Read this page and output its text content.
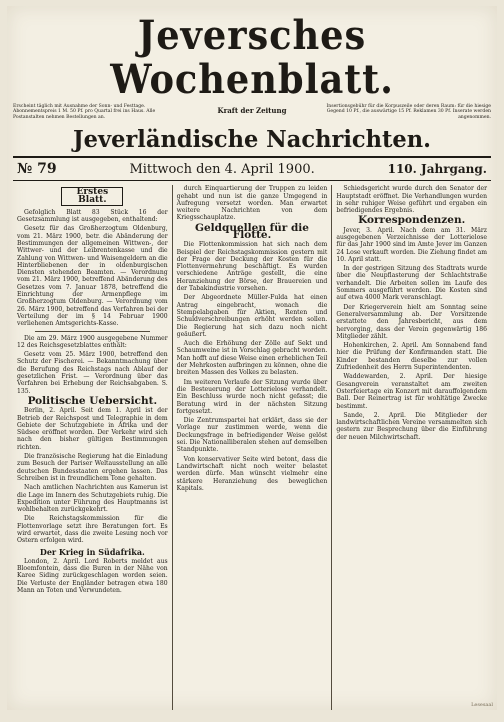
Jeversches Wochenblatt.
Erscheint täglich mit Ausnahme der Sonn- und Festtage. Abonnementspreis 1 M. 50 Pf. pro Quartal frei ins Haus. Alle Postanstalten nehmen Bestellungen an.
Kraft der Zeitung	Insertionsgebühr für die Korpuszeile oder deren Raum: für die hiesige Gegend 10 Pf., die auswärtige 15 Pf. Reklamen 30 Pf. Inserate werden angenommen.
Jeverländische Nachrichten.
№ 79	Mittwoch den 4. April 1900.	110. Jahrgang.
Erstes Blatt.

Gefolglich Blatt 83 Stück 16 der Gesetzsammlung ist ausgegeben, enthaltend:

Gesetz für das Großherzogtum Oldenburg, vom 21. März 1900, betr. die Abänderung der Bestimmungen der allgemeinen Wittwen-, der Wittwer- und der Leibrentenkasse und die Zahlung von Wittwen- und Waisengeldern an die Hinterbliebenen der in oldenburgischen Diensten stehenden Beamten. — Verordnung vom 21. März 1900, betreffend Abänderung des Gesetzes vom 7. Januar 1878, betreffend die Einrichtung der Armenpflege im Großherzogtum Oldenburg. — Verordnung vom 26. März 1900, betreffend das Verfahren bei der Verteilung der im § 14 Februar 1900 verliehenen Amtsgerichts-Kasse.

Die am 29. März 1900 ausgegebene Nummer 12 des Reichsgesetzblattes enthält:

Gesetz vom 25. März 1900, betreffend den Schutz der Fischerei. — Bekanntmachung über die Berufung des Reichstags nach Ablauf der gesetzlichen Frist. — Verordnung über das Verfahren bei Erhebung der Reichsabgaben. S. 135.

Politische Uebersicht.

Berlin, 2. April. Seit dem 1. April ist der Betrieb der Reichspost und Telegraphie in dem Gebiete der Schutzgebiete in Afrika und der Südsee eröffnet worden. Der Verkehr wird sich nach den bisher gültigen Bestimmungen richten.

Die französische Regierung hat die Einladung zum Besuch der Pariser Weltausstellung an alle deutschen Bundesstaaten ergehen lassen. Das Schreiben ist in freundlichem Tone gehalten.

Nach amtlichen Nachrichten aus Kamerun ist die Lage im Innern des Schutzgebiets ruhig. Die Expedition unter Führung des Hauptmanns ist wohlbehalten zurückgekehrt.

Die Reichstagskommission für die Flottenvorlage setzt ihre Beratungen fort. Es wird erwartet, dass die zweite Lesung noch vor Ostern erfolgen wird.

Der Krieg in Südafrika.

London, 2. April. Lord Roberts meldet aus Bloemfontein, dass die Buren in der Nähe von Karee Siding zurückgeschlagen worden seien. Die Verluste der Engländer betragen etwa 180 Mann an Toten und Verwundeten.

durch Einquartierung der Truppen zu leiden gehabt und nun ist die ganze Umgegend in Aufregung versetzt worden. Man erwartet weitere Nachrichten von dem Kriegsschauplatze.

Geldquellen für die Flotte.

Die Flottenkommission hat sich nach dem Beispiel der Reichstagskommission gestern mit der Frage der Deckung der Kosten für die Flottenvermehrung beschäftigt. Es wurden verschiedene Anträge gestellt, die eine Heranziehung der Börse, der Brauereien und der Tabakindustrie vorsehen.

Der Abgeordnete Müller-Fulda hat einen Antrag eingebracht, wonach die Stempelabgaben für Aktien, Renten und Schuldverschreibungen erhöht werden sollen. Die Regierung hat sich dazu noch nicht geäußert.

Auch die Erhöhung der Zölle auf Sekt und Schaumweine ist in Vorschlag gebracht worden. Man hofft auf diese Weise einen erheblichen Teil der Mehrkosten aufbringen zu können, ohne die breiten Massen des Volkes zu belasten.

Im weiteren Verlaufe der Sitzung wurde über die Besteuerung der Lotterielose verhandelt. Ein Beschluss wurde noch nicht gefasst; die Beratung wird in der nächsten Sitzung fortgesetzt.

Die Zentrumspartei hat erklärt, dass sie der Vorlage nur zustimmen werde, wenn die Deckungsfrage in befriedigender Weise gelöst sei. Die Nationalliberalen stehen auf demselben Standpunkte.

Von konservativer Seite wird betont, dass die Landwirtschaft nicht noch weiter belastet werden dürfe. Man wünscht vielmehr eine stärkere Heranziehung des beweglichen Kapitals.

Schiedsgericht wurde durch den Senator der Hauptstadt eröffnet. Die Verhandlungen wurden in sehr ruhiger Weise geführt und ergaben ein befriedigendes Ergebnis.

Korrespondenzen.

Jever, 3. April. Nach dem am 31. März ausgegebenen Verzeichnisse der Lotterielose für das Jahr 1900 sind im Amte Jever im Ganzen 24 Lose verkauft worden. Die Ziehung findet am 10. April statt.

In der gestrigen Sitzung des Stadtrats wurde über die Neupflasterung der Schlachtstraße verhandelt. Die Arbeiten sollen im Laufe des Sommers ausgeführt werden. Die Kosten sind auf etwa 4000 Mark veranschlagt.

Der Kriegerverein hielt am Sonntag seine Generalversammlung ab. Der Vorsitzende erstattete den Jahresbericht, aus dem hervorging, dass der Verein gegenwärtig 186 Mitglieder zählt.

Hohenkirchen, 2. April. Am Sonnabend fand hier die Prüfung der Konfirmanden statt. Die Kinder bestanden dieselbe zur vollen Zufriedenheit des Herrn Superintendenten.

Waddewarden, 2. April. Der hiesige Gesangverein veranstaltet am zweiten Osterfeiertage ein Konzert mit darauffolgendem Ball. Der Reinertrag ist für wohltätige Zwecke bestimmt.

Sande, 2. April. Die Mitglieder der landwirtschaftlichen Vereine versammelten sich gestern zur Besprechung über die Einführung der neuen Milchwirtschaft.

Lesesaal
